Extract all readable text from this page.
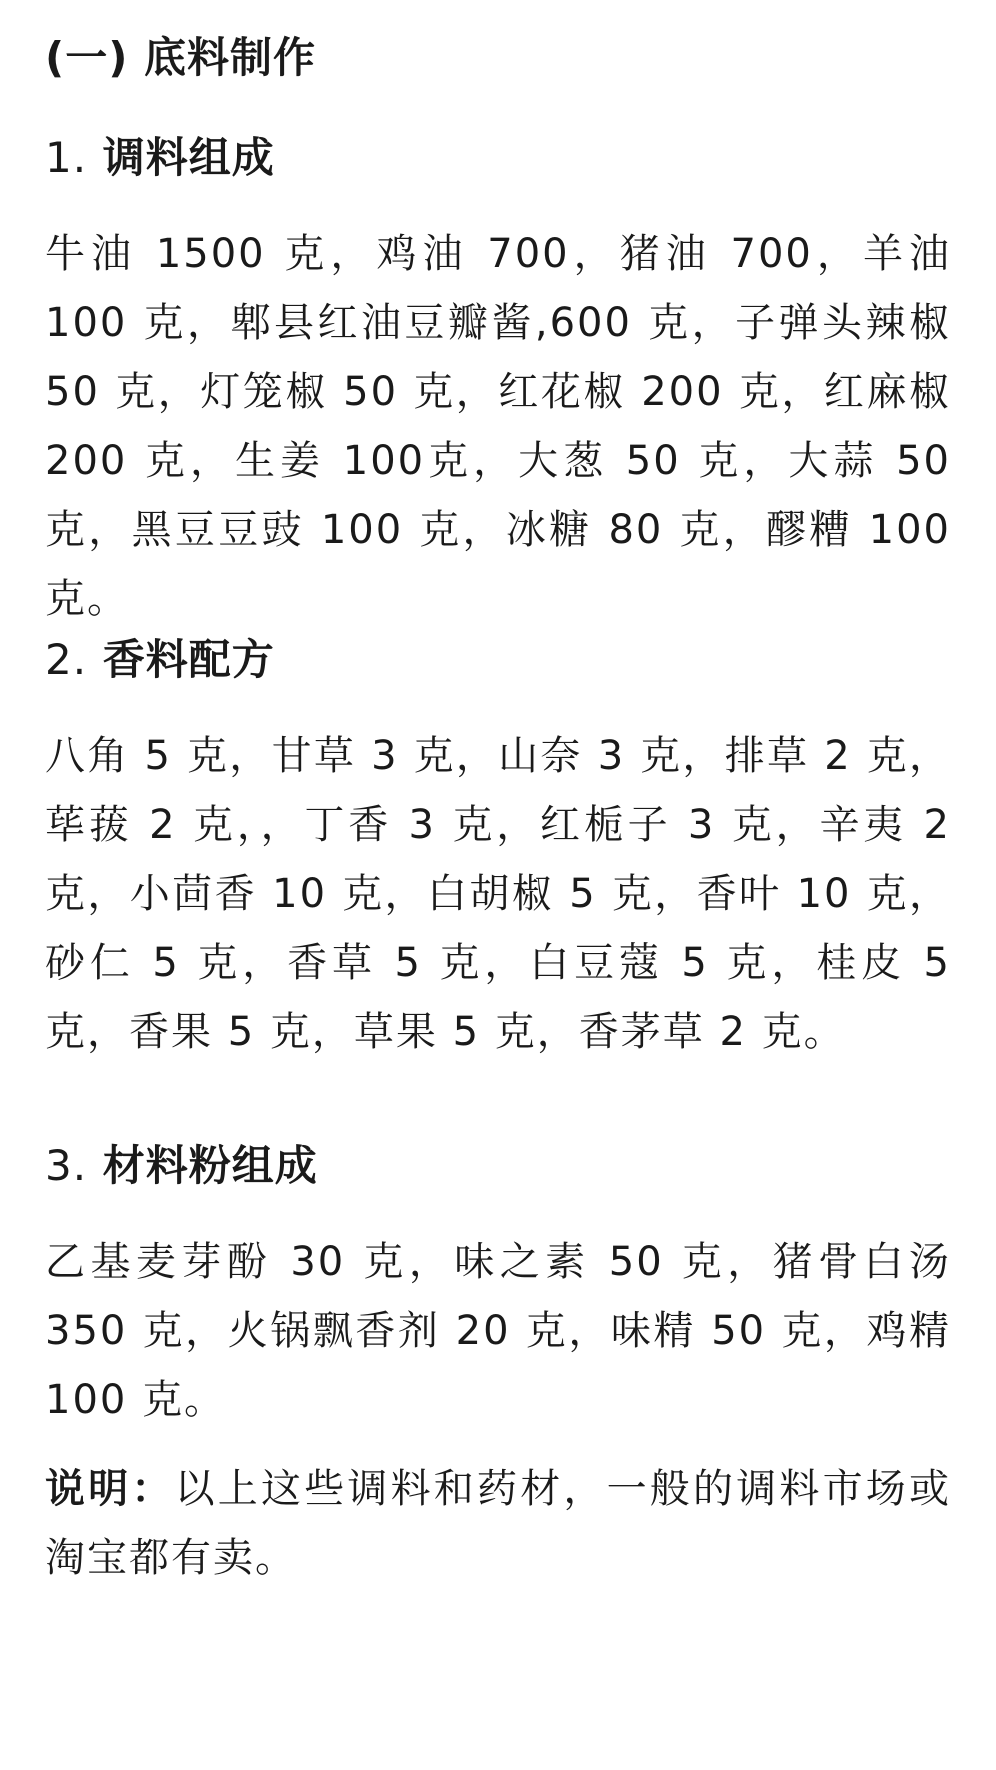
(一) 底料制作
1. 调料组成

牛油 1500 克，鸡油 700，猪油 700，羊油 100 克，郫县红油豆瓣酱,600 克，子弹头辣椒 50 克，灯笼椒 50 克，红花椒 200 克，红麻椒 200 克，生姜 100克，大葱 50 克，大蒜 50 克，黑豆豆豉 100 克，冰糖 80 克，醪糟 100 克。

2. 香料配方

八角 5 克，甘草 3 克，山奈 3 克，排草 2 克，荜菝 2 克，，丁香 3 克，红栀子 3 克，辛夷 2 克，小茴香 10 克，白胡椒 5 克，香叶 10 克，砂仁 5 克，香草 5 克，白豆蔻 5 克，桂皮 5 克，香果 5 克，草果 5 克，香茅草 2 克。

3. 材料粉组成

乙基麦芽酚 30 克，味之素 50 克，猪骨白汤 350 克，火锅飘香剂 20 克，味精 50 克，鸡精 100 克。

说明：以上这些调料和药材，一般的调料市场或淘宝都有卖。
